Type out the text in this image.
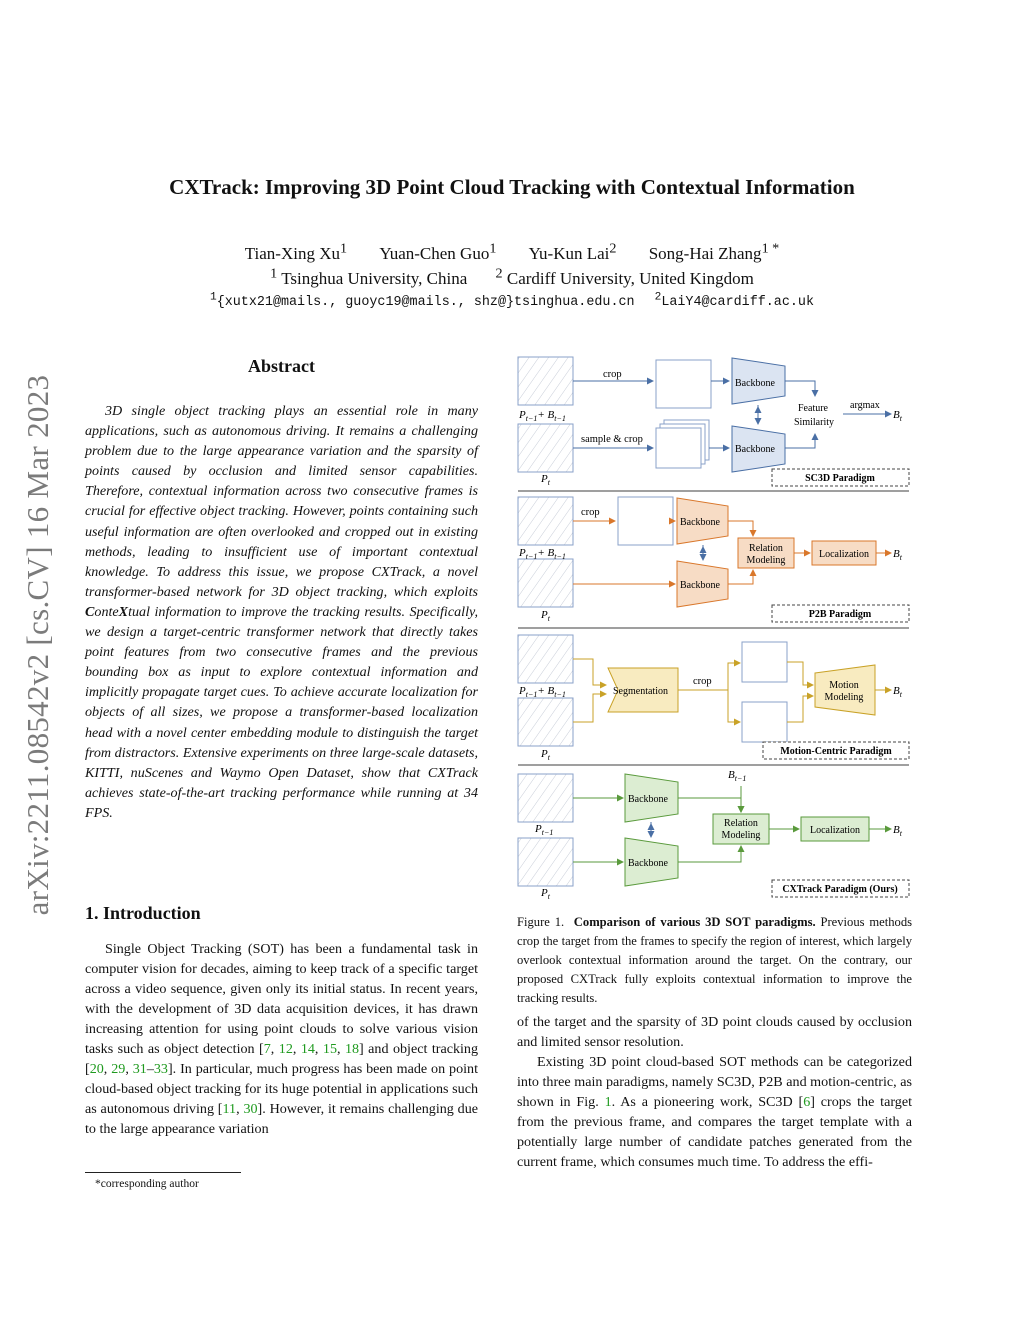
CXTrack: Improving 3D Point Cloud Tracking with Contextual Information
Tian-Xing Xu$^1$ Yuan-Chen Guo$^1$ Yu-Kun Lai$^2$ Song-Hai Zhang$^{1 *}$
$^1$ Tsinghua University, China $^2$ Cardiff University, United Kingdom
$^1${xutx21@mails., guoyc19@mails., shz@}tsinghua.edu.cn $^2$LaiY4@cardiff.ac.uk
arXiv:2211.08542v2 [cs.CV] 16 Mar 2023
Abstract
3D single object tracking plays an essential role in many applications, such as autonomous driving. It remains a challenging problem due to the large appearance variation and the sparsity of points caused by occlusion and limited sensor capabilities. Therefore, contextual information across two consecutive frames is crucial for effective object tracking. However, points containing such useful information are often overlooked and cropped out in existing methods, leading to insufficient use of important contextual knowledge. To address this issue, we propose CXTrack, a novel transformer-based network for 3D object tracking, which exploits ConteXtual information to improve the tracking results. Specifically, we design a target-centric transformer network that directly takes point features from two consecutive frames and the previous bounding box as input to explore contextual information and implicitly propagate target cues. To achieve accurate localization for objects of all sizes, we propose a transformer-based localization head with a novel center embedding module to distinguish the target from distractors. Extensive experiments on three large-scale datasets, KITTI, nuScenes and Waymo Open Dataset, show that CXTrack achieves state-of-the-art tracking performance while running at 34 FPS.
1. Introduction
Single Object Tracking (SOT) has been a fundamental task in computer vision for decades, aiming to keep track of a specific target across a video sequence, given only its initial status. In recent years, with the development of 3D data acquisition devices, it has drawn increasing attention for using point clouds to solve various vision tasks such as object detection [7, 12, 14, 15, 18] and object tracking [20, 29, 31–33]. In particular, much progress has been made on point cloud-based object tracking for its huge potential in applications such as autonomous driving [11, 30]. However, it remains challenging due to the large appearance variation
*corresponding author
$P_{t-1}+ B_{t-1}$
$P_t$
crop
Backbone
sample & crop
Backbone
Feature
Similarity
argmax
$B_t$
SC3D Paradigm
$P_{t-1}+ B_{t-1}$
$P_t$
crop
Backbone
Backbone
Relation
Modeling
Localization $B_t$
P2B Paradigm
$P_{t-1}+ B_{t-1}$
$P_t$
Segmentation
crop	Motion
Modeling
$B_t$
Motion-Centric Paradigm
$P_{t-1}$
$P_t$
Backbone
Backbone
$B_{t-1}$
Relation
Modeling	Localization	$B_t$
CXTrack Paradigm (Ours)
Figure 1. Comparison of various 3D SOT paradigms. Previous methods crop the target from the frames to specify the region of interest, which largely overlook contextual information around the target. On the contrary, our proposed CXTrack fully exploits contextual information to improve the tracking results.

of the target and the sparsity of 3D point clouds caused by occlusion and limited sensor resolution.

Existing 3D point cloud-based SOT methods can be categorized into three main paradigms, namely SC3D, P2B and motion-centric, as shown in Fig. 1. As a pioneering work, SC3D [6] crops the target from the previous frame, and compares the target template with a potentially large number of candidate patches generated from the current frame, which consumes much time. To address the effi-
